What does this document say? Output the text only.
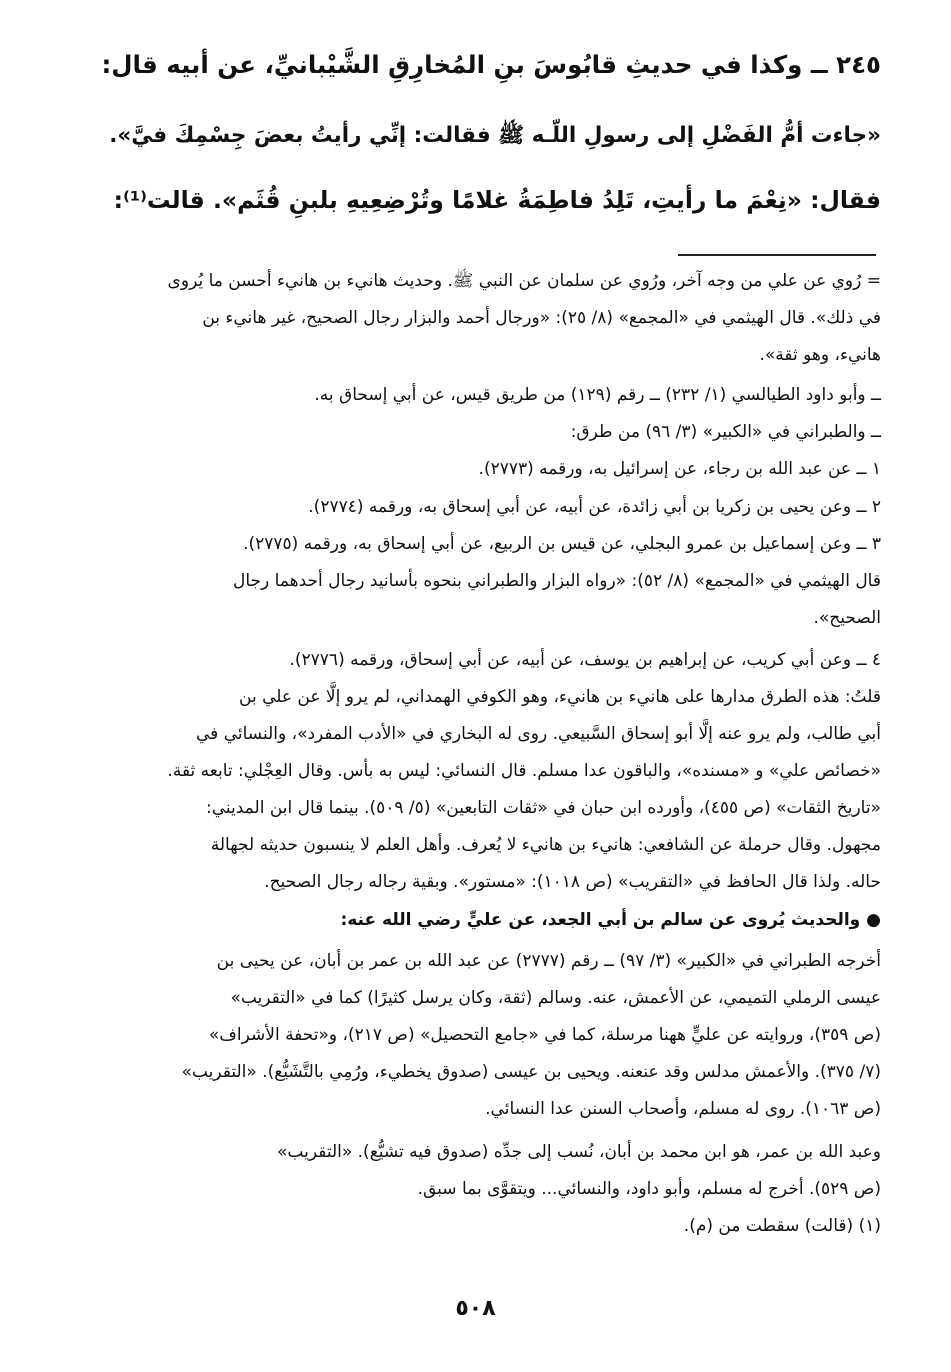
٢٤٥ ــ وكذا في حديثِ قابُوسَ بنِ المُخارِقِ الشَّيْبانيِّ، عن أبيه قال:
«جاءت أمُّ الفَضْلِ إلى رسولِ اللّـه ﷺ فقالت: إنِّي رأيتُ بعضَ جِسْمِكَ فيَّ».
فقال: «نِعْمَ ما رأيتِ، تَلِدُ فاطِمَةُ غلامًا وتُرْضِعِيهِ بلبنِ قُثَم». قالت⁽¹⁾:
= رُوي عن علي من وجه آخر، ورُوي عن سلمان عن النبي ﷺ. وحديث هانيء بن هانيء أحسن ما يُروى
في ذلك». قال الهيثمي في «المجمع» (٨/ ٢٥): «ورجال أحمد والبزار رجال الصحيح، غير هانيء بن
هانيء، وهو ثقة».
ــ وأبو داود الطيالسي (١/ ٢٣٢) ــ رقم (١٢٩) من طريق قيس، عن أبي إسحاق به.
ــ والطبراني في «الكبير» (٣/ ٩٦) من طرق:
١ ــ عن عبد الله بن رجاء، عن إسرائيل به، ورقمه (٢٧٧٣).
٢ ــ وعن يحيى بن زكريا بن أبي زائدة، عن أبيه، عن أبي إسحاق به، ورقمه (٢٧٧٤).
٣ ــ وعن إسماعيل بن عمرو البجلي، عن قيس بن الربيع، عن أبي إسحاق به، ورقمه (٢٧٧٥).
قال الهيثمي في «المجمع» (٨/ ٥٢): «رواه البزار والطبراني بنحوه بأسانيد رجال أحدهما رجال
الصحيح».
٤ ــ وعن أبي كريب، عن إبراهيم بن يوسف، عن أبيه، عن أبي إسحاق، ورقمه (٢٧٧٦).
قلتُ: هذه الطرق مدارها على هانيء بن هانيء، وهو الكوفي الهمداني، لم يرو إلَّا عن علي بن
أبي طالب، ولم يرو عنه إلَّا أبو إسحاق السَّبيعي. روى له البخاري في «الأدب المفرد»، والنسائي في
«خصائص علي» و «مسنده»، والباقون عدا مسلم. قال النسائي: ليس به بأس. وقال العِجْلي: تابعه ثقة.
«تاريخ الثقات» (ص ٤٥٥)، وأورده ابن حبان في «ثقات التابعين» (٥/ ٥٠٩). بينما قال ابن المديني:
مجهول. وقال حرملة عن الشافعي: هانيء بن هانيء لا يُعرف. وأهل العلم لا ينسبون حديثه لجهالة
حاله. ولذا قال الحافظ في «التقريب» (ص ١٠١٨): «مستور». وبقية رجاله رجال الصحيح.
● والحديث يُروى عن سالم بن أبي الجعد، عن عليٍّ رضي الله عنه:
أخرجه الطبراني في «الكبير» (٣/ ٩٧) ــ رقم (٢٧٧٧) عن عبد الله بن عمر بن أبان، عن يحيى بن
عيسى الرملي التميمي، عن الأعمش، عنه. وسالم (ثقة، وكان يرسل كثيرًا) كما في «التقريب»
(ص ٣٥٩)، وروايته عن عليٍّ ههنا مرسلة، كما في «جامع التحصيل» (ص ٢١٧)، و«تحفة الأشراف»
(٧/ ٣٧٥). والأعمش مدلس وقد عنعنه. ويحيى بن عيسى (صدوق يخطيء، ورُمِي بالتَّشَيُّع). «التقريب»
(ص ١٠٦٣). روى له مسلم، وأصحاب السنن عدا النسائي.
وعبد الله بن عمر، هو ابن محمد بن أبان، نُسب إلى جدِّه (صدوق فيه تشيُّع). «التقريب»
(ص ٥٢٩). أخرج له مسلم، وأبو داود، والنسائي... ويتقوَّى بما سبق.
(١) (قالت) سقطت من (م).
٥٠٨
